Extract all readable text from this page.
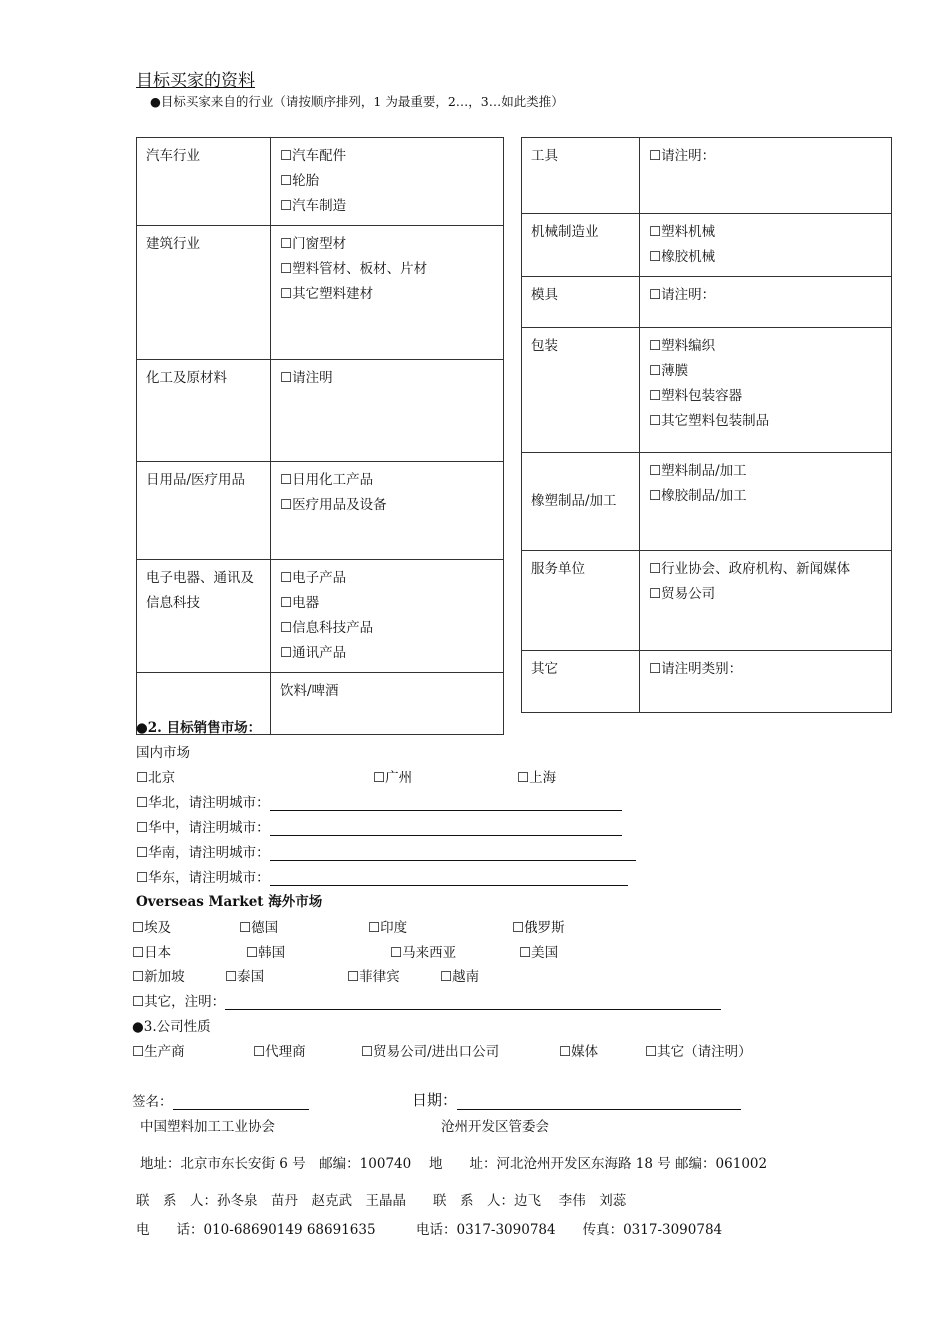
目标买家的资料
●目标买家来自的行业（请按顺序排列，1 为最重要，2…，3…如此类推）
汽车行业	☐汽车配件
☐轮胎
☐汽车制造

建筑行业	☐门窗型材
☐塑料管材、板材、片材
☐其它塑料建材

化工及原材料	☐请注明

日用品/医疗用品	☐日用化工产品
☐医疗用品及设备

电子电器、通讯及信息科技	☐电子产品
☐电器
☐信息科技产品
☐通讯产品

	饮料/啤酒
工具	☐请注明：

机械制造业	☐塑料机械
☐橡胶机械

模具	☐请注明：

包装	☐塑料编织
☐薄膜
☐塑料包装容器
☐其它塑料包装制品

橡塑制品/加工	☐塑料制品/加工
☐橡胶制品/加工

服务单位	☐行业协会、政府机构、新闻媒体
☐贸易公司

其它	☐请注明类别：
●2. 目标销售市场：
国内市场
☐北京	☐广州	☐上海
☐华北，请注明城市：
☐华中，请注明城市：
☐华南，请注明城市：
☐华东，请注明城市：
Overseas Market 海外市场
☐埃及	☐德国	☐印度	☐俄罗斯
☐日本	☐韩国	☐马来西亚	☐美国
☐新加坡	☐泰国	☐菲律宾	☐越南
☐其它，注明：
●3.公司性质
☐生产商	☐代理商	☐贸易公司/进出口公司	☐媒体	☐其它（请注明）
签名：	日期：
中国塑料加工工业协会	沧州开发区管委会
地址：北京市东长安街 6 号　邮编：100740　 地　　址：河北沧州开发区东海路 18 号 邮编：061002
联　系　人：孙冬泉　苗丹　赵克武　王晶晶　　联　系　人：边飞　 李伟　刘蕊
电　　话：010-68690149 68691635　　　电话：0317-3090784　　传真：0317-3090784
